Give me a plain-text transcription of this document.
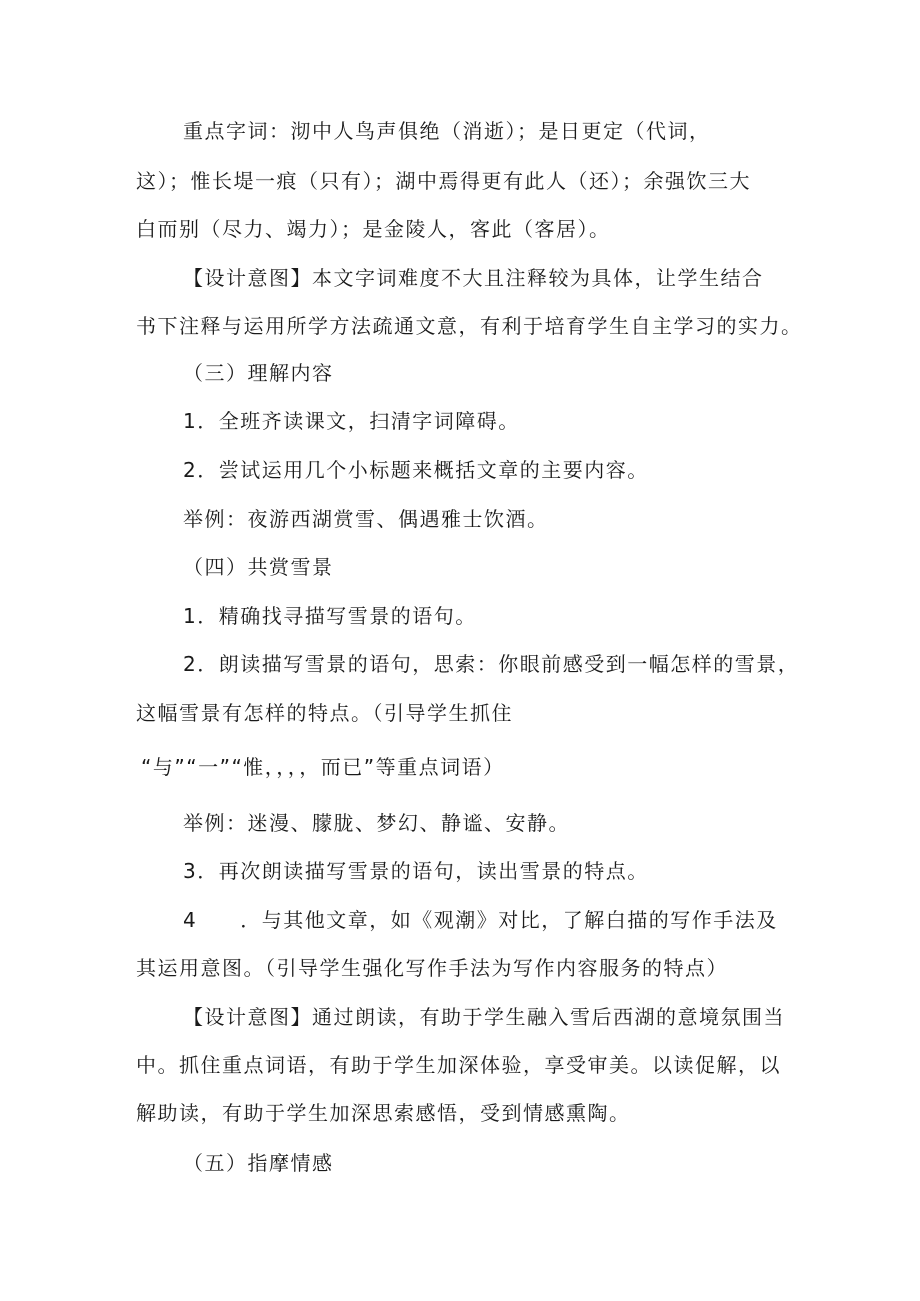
重点字词：沏中人鸟声俱绝（消逝）；是日更定（代词，
这）；惟长堤一痕（只有）；湖中焉得更有此人（还）；余强饮三大
白而别（尽力、竭力）；是金陵人，客此（客居）。
【设计意图】本文字词难度不大且注释较为具体，让学生结合
书下注释与运用所学方法疏通文意，有利于培育学生自主学习的实力。
（三）理解内容
1．全班齐读课文，扫清字词障碍。
2．尝试运用几个小标题来概括文章的主要内容。
举例：夜游西湖赏雪、偶遇雅士饮酒。
（四）共赏雪景
1．精确找寻描写雪景的语句。
2．朗读描写雪景的语句，思索：你眼前感受到一幅怎样的雪景，
这幅雪景有怎样的特点。（引导学生抓住
“与”“一”“惟，，，，而已”等重点词语）
举例：迷漫、朦胧、梦幻、静谧、安静。
3．再次朗读描写雪景的语句，读出雪景的特点。
4　　．与其他文章，如《观潮》对比，了解白描的写作手法及
其运用意图。（引导学生强化写作手法为写作内容服务的特点）
【设计意图】通过朗读，有助于学生融入雪后西湖的意境氛围当
中。抓住重点词语，有助于学生加深体验，享受审美。以读促解，以
解助读，有助于学生加深思索感悟，受到情感熏陶。
（五）指摩情感
